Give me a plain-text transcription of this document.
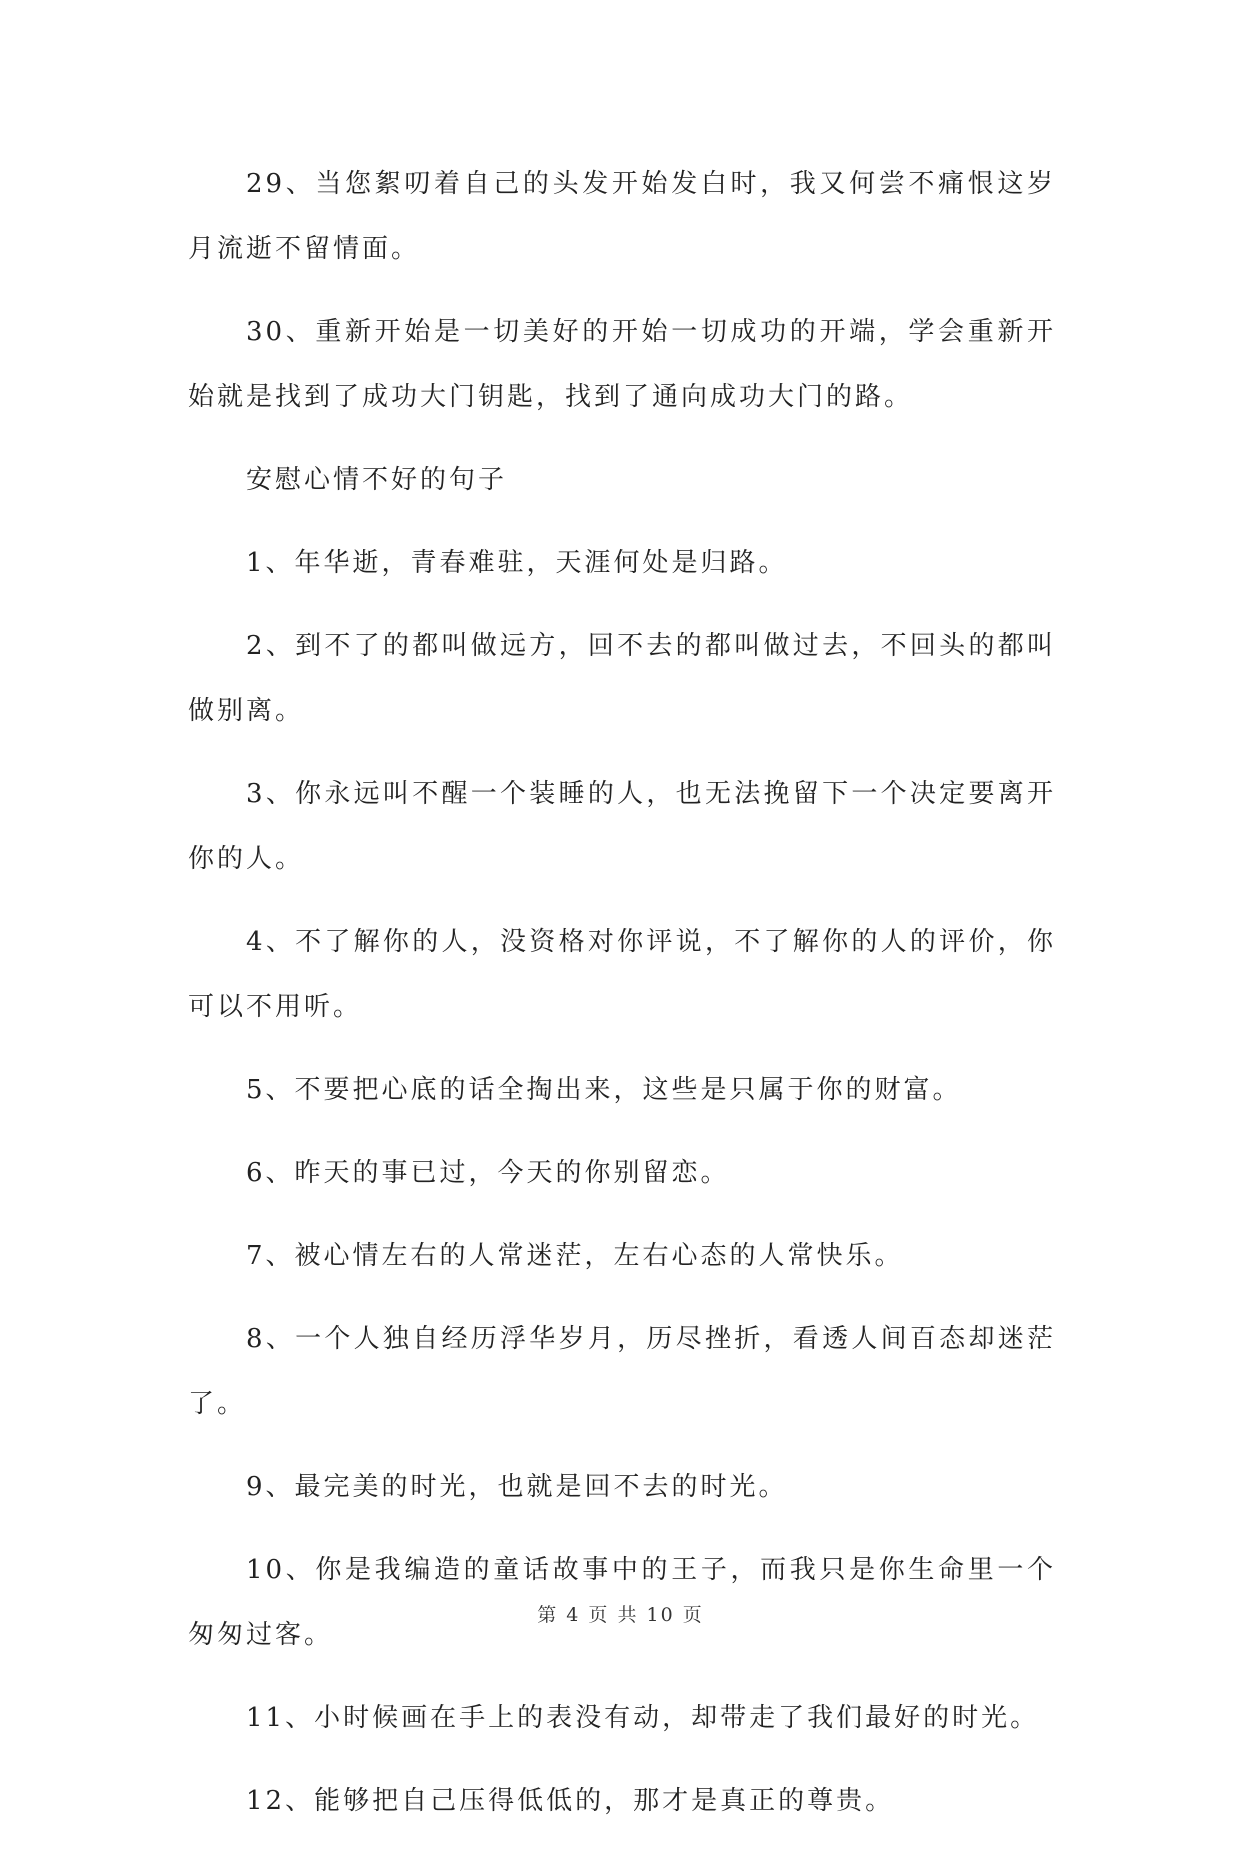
29、当您絮叨着自己的头发开始发白时，我又何尝不痛恨这岁月流逝不留情面。

30、重新开始是一切美好的开始一切成功的开端，学会重新开始就是找到了成功大门钥匙，找到了通向成功大门的路。

安慰心情不好的句子

1、年华逝，青春难驻，天涯何处是归路。

2、到不了的都叫做远方，回不去的都叫做过去，不回头的都叫做别离。

3、你永远叫不醒一个装睡的人，也无法挽留下一个决定要离开你的人。

4、不了解你的人，没资格对你评说，不了解你的人的评价，你可以不用听。

5、不要把心底的话全掏出来，这些是只属于你的财富。

6、昨天的事已过，今天的你别留恋。

7、被心情左右的人常迷茫，左右心态的人常快乐。

8、一个人独自经历浮华岁月，历尽挫折，看透人间百态却迷茫了。

9、最完美的时光，也就是回不去的时光。

10、你是我编造的童话故事中的王子，而我只是你生命里一个匆匆过客。

11、小时候画在手上的表没有动，却带走了我们最好的时光。

12、能够把自己压得低低的，那才是真正的尊贵。

第 4 页 共 10 页
